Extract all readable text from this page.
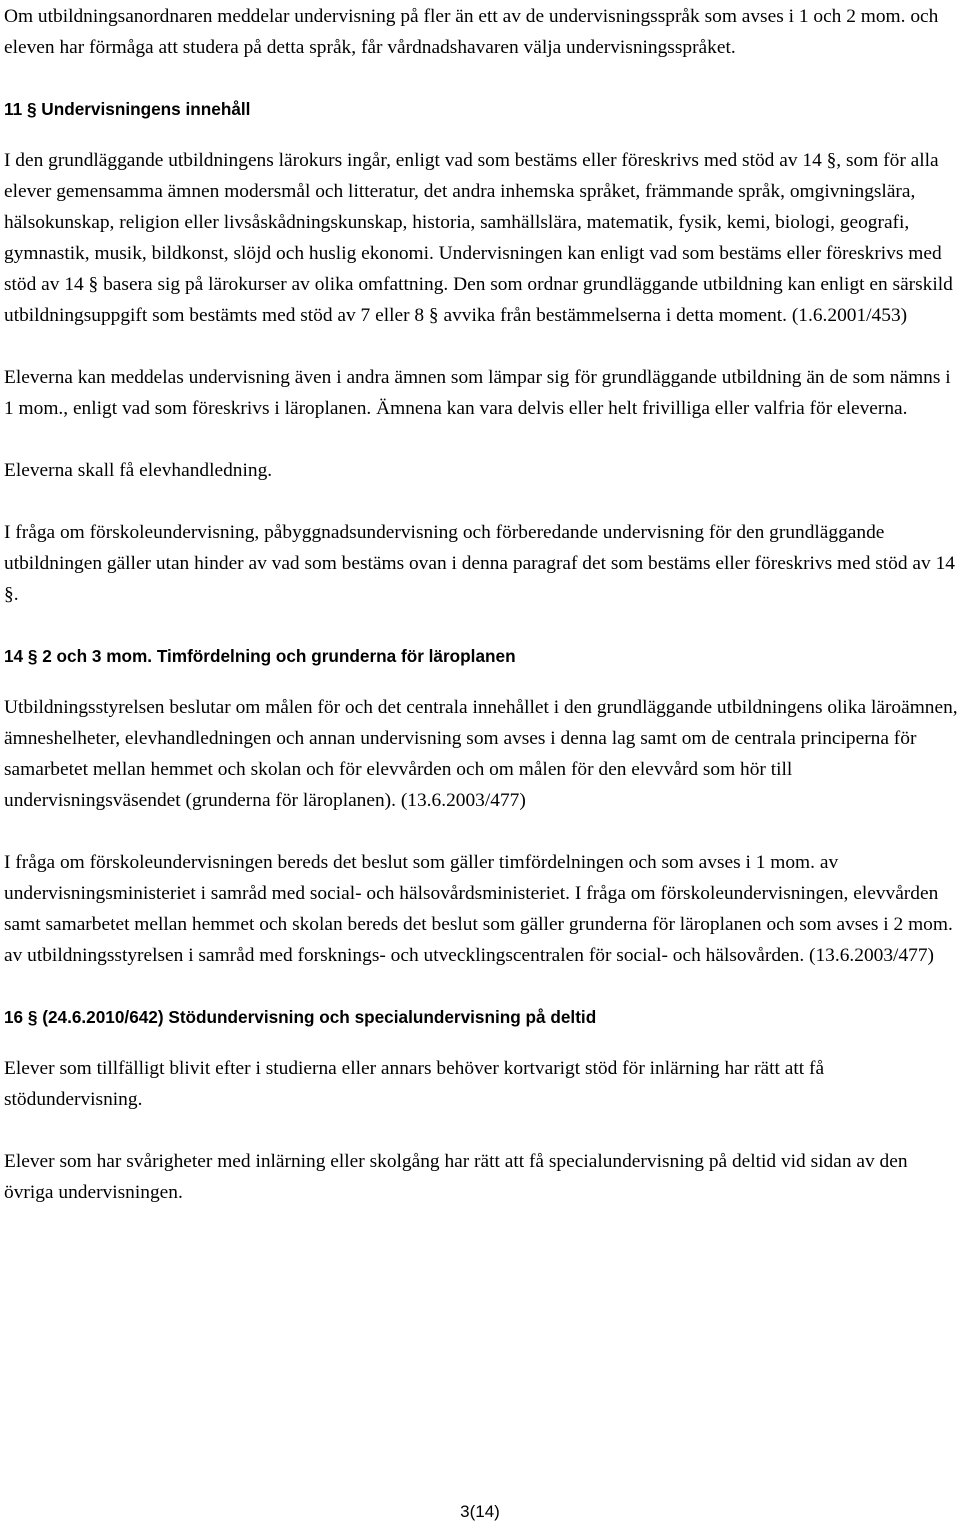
Om utbildningsanordnaren meddelar undervisning på fler än ett av de undervisningsspråk som avses i 1 och 2 mom. och eleven har förmåga att studera på detta språk, får vårdnadshavaren välja undervisningsspråket.

11 § Undervisningens innehåll

I den grundläggande utbildningens lärokurs ingår, enligt vad som bestäms eller föreskrivs med stöd av 14 §, som för alla elever gemensamma ämnen modersmål och litteratur, det andra inhemska språket, främmande språk, omgivningslära, hälsokunskap, religion eller livsåskådningskunskap, historia, samhällslära, matematik, fysik, kemi, biologi, geografi, gymnastik, musik, bildkonst, slöjd och huslig ekonomi. Undervisningen kan enligt vad som bestäms eller föreskrivs med stöd av 14 § basera sig på lärokurser av olika omfattning. Den som ordnar grundläggande utbildning kan enligt en särskild utbildningsuppgift som bestämts med stöd av 7 eller 8 § avvika från bestämmelserna i detta moment. (1.6.2001/453)

Eleverna kan meddelas undervisning även i andra ämnen som lämpar sig för grundläggande utbildning än de som nämns i 1 mom., enligt vad som föreskrivs i läroplanen. Ämnena kan vara delvis eller helt frivilliga eller valfria för eleverna.

Eleverna skall få elevhandledning.

I fråga om förskoleundervisning, påbyggnadsundervisning och förberedande undervisning för den grundläggande utbildningen gäller utan hinder av vad som bestäms ovan i denna paragraf det som bestäms eller föreskrivs med stöd av 14 §.

14 § 2 och 3 mom. Timfördelning och grunderna för läroplanen

Utbildningsstyrelsen beslutar om målen för och det centrala innehållet i den grundläggande utbildningens olika läroämnen, ämneshelheter, elevhandledningen och annan undervisning som avses i denna lag samt om de centrala principerna för samarbetet mellan hemmet och skolan och för elevvården och om målen för den elevvård som hör till undervisningsväsendet (grunderna för läroplanen). (13.6.2003/477)

I fråga om förskoleundervisningen bereds det beslut som gäller timfördelningen och som avses i 1 mom. av undervisningsministeriet i samråd med social- och hälsovårdsministeriet. I fråga om förskoleundervisningen, elevvården samt samarbetet mellan hemmet och skolan bereds det beslut som gäller grunderna för läroplanen och som avses i 2 mom. av utbildningsstyrelsen i samråd med forsknings- och utvecklingscentralen för social- och hälsovården. (13.6.2003/477)

16 § (24.6.2010/642) Stödundervisning och specialundervisning på deltid

Elever som tillfälligt blivit efter i studierna eller annars behöver kortvarigt stöd för inlärning har rätt att få stödundervisning.

Elever som har svårigheter med inlärning eller skolgång har rätt att få specialundervisning på deltid vid sidan av den övriga undervisningen.

3(14)
